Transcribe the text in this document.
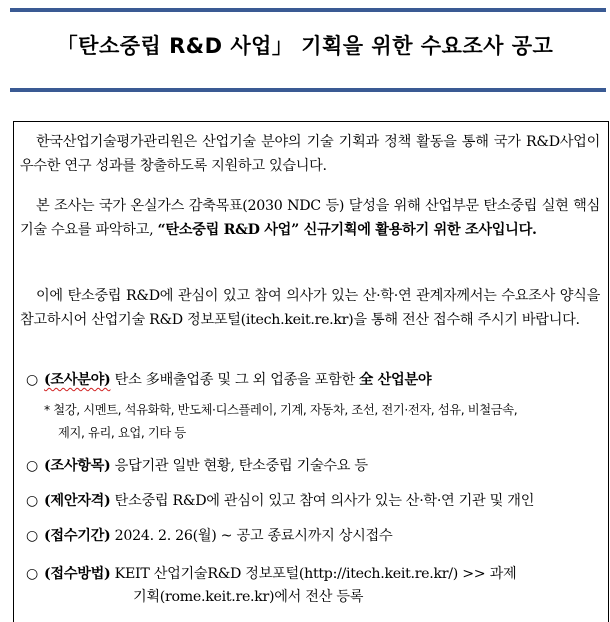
「탄소중립 R&D 사업」 기획을 위한 수요조사 공고
한국산업기술평가관리원은 산업기술 분야의 기술 기획과 정책 활동을 통해 국가 R&D사업이 우수한 연구 성과를 창출하도록 지원하고 있습니다.
본 조사는 국가 온실가스 감축목표(2030 NDC 등) 달성을 위해 산업부문 탄소중립 실현 핵심기술 수요를 파악하고, “탄소중립 R&D 사업” 신규기획에 활용하기 위한 조사입니다.
이에 탄소중립 R&D에 관심이 있고 참여 의사가 있는 산·학·연 관계자께서는 수요조사 양식을 참고하시어 산업기술 R&D 정보포털(itech.keit.re.kr)을 통해 전산 접수해 주시기 바랍니다.
○ (조사분야) 탄소 多배출업종 및 그 외 업종을 포함한 全 산업분야
* 철강, 시멘트, 석유화학, 반도체·디스플레이, 기계, 자동차, 조선, 전기·전자, 섬유, 비철금속,
제지, 유리, 요업, 기타 등
○ (조사항목) 응답기관 일반 현황, 탄소중립 기술수요 등
○ (제안자격) 탄소중립 R&D에 관심이 있고 참여 의사가 있는 산·학·연 기관 및 개인
○ (접수기간) 2024. 2. 26(월) ~ 공고 종료시까지 상시접수
○ (접수방법) KEIT 산업기술R&D 정보포털(http://itech.keit.re.kr/) >> 과제
기획(rome.keit.re.kr)에서 전산 등록
